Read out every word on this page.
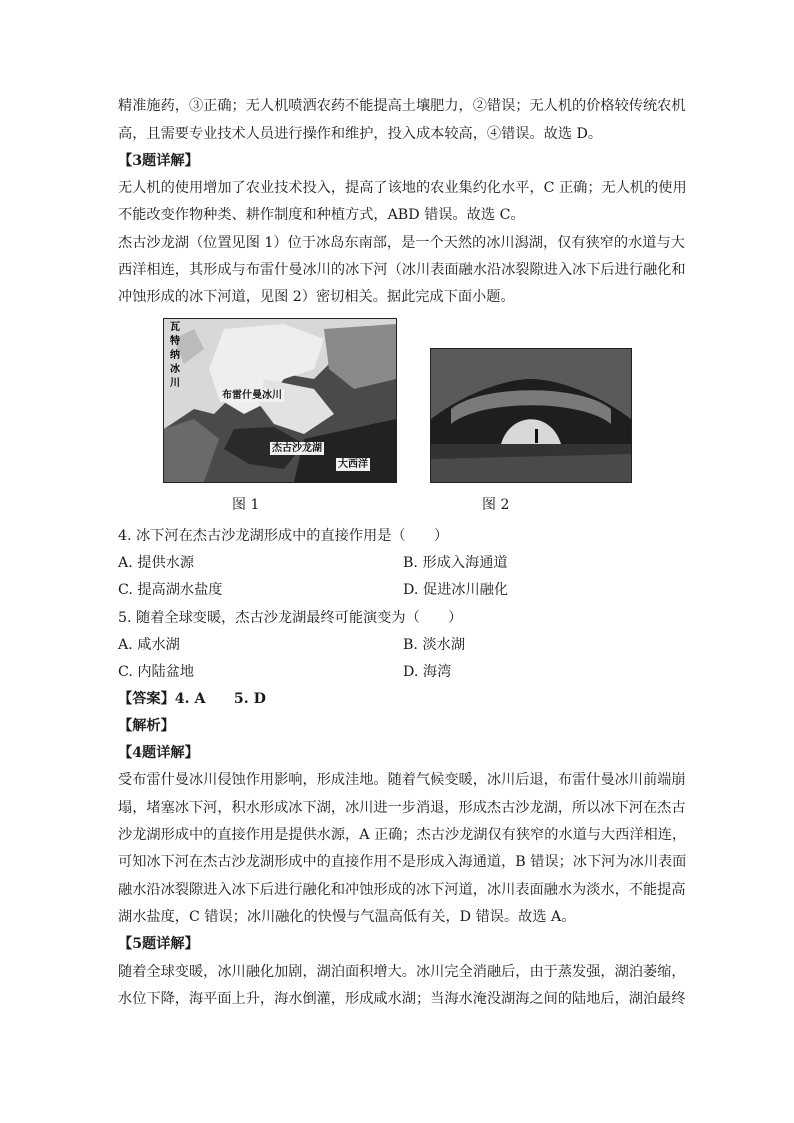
精准施药，③正确；无人机喷洒农药不能提高土壤肥力，②错误；无人机的价格较传统农机
高，且需要专业技术人员进行操作和维护，投入成本较高，④错误。故选 D。
【3题详解】
无人机的使用增加了农业技术投入，提高了该地的农业集约化水平，C 正确；无人机的使用
不能改变作物种类、耕作制度和种植方式，ABD 错误。故选 C。
杰古沙龙湖（位置见图 1）位于冰岛东南部，是一个天然的冰川潟湖，仅有狭窄的水道与大
西洋相连，其形成与布雷什曼冰川的冰下河（冰川表面融水沿冰裂隙进入冰下后进行融化和
冲蚀形成的冰下河道，见图 2）密切相关。据此完成下面小题。
瓦特纳冰川
布雷什曼冰川
杰古沙龙湖
大西洋
图 1	图 2
4. 冰下河在杰古沙龙湖形成中的直接作用是（　　）
A. 提供水源	B. 形成入海通道
C. 提高湖水盐度	D. 促进冰川融化
5. 随着全球变暖，杰古沙龙湖最终可能演变为（　　）
A. 咸水湖	B. 淡水湖
C. 内陆盆地	D. 海湾
【答案】4. A　　5. D
【解析】
【4题详解】
受布雷什曼冰川侵蚀作用影响，形成洼地。随着气候变暖，冰川后退，布雷什曼冰川前端崩
塌，堵塞冰下河，积水形成冰下湖，冰川进一步消退，形成杰古沙龙湖，所以冰下河在杰古
沙龙湖形成中的直接作用是提供水源，A 正确；杰古沙龙湖仅有狭窄的水道与大西洋相连，
可知冰下河在杰古沙龙湖形成中的直接作用不是形成入海通道，B 错误；冰下河为冰川表面
融水沿冰裂隙进入冰下后进行融化和冲蚀形成的冰下河道，冰川表面融水为淡水，不能提高
湖水盐度，C 错误；冰川融化的快慢与气温高低有关，D 错误。故选 A。
【5题详解】
随着全球变暖，冰川融化加剧，湖泊面积增大。冰川完全消融后，由于蒸发强，湖泊萎缩，
水位下降，海平面上升，海水倒灌，形成咸水湖；当海水淹没湖海之间的陆地后，湖泊最终
